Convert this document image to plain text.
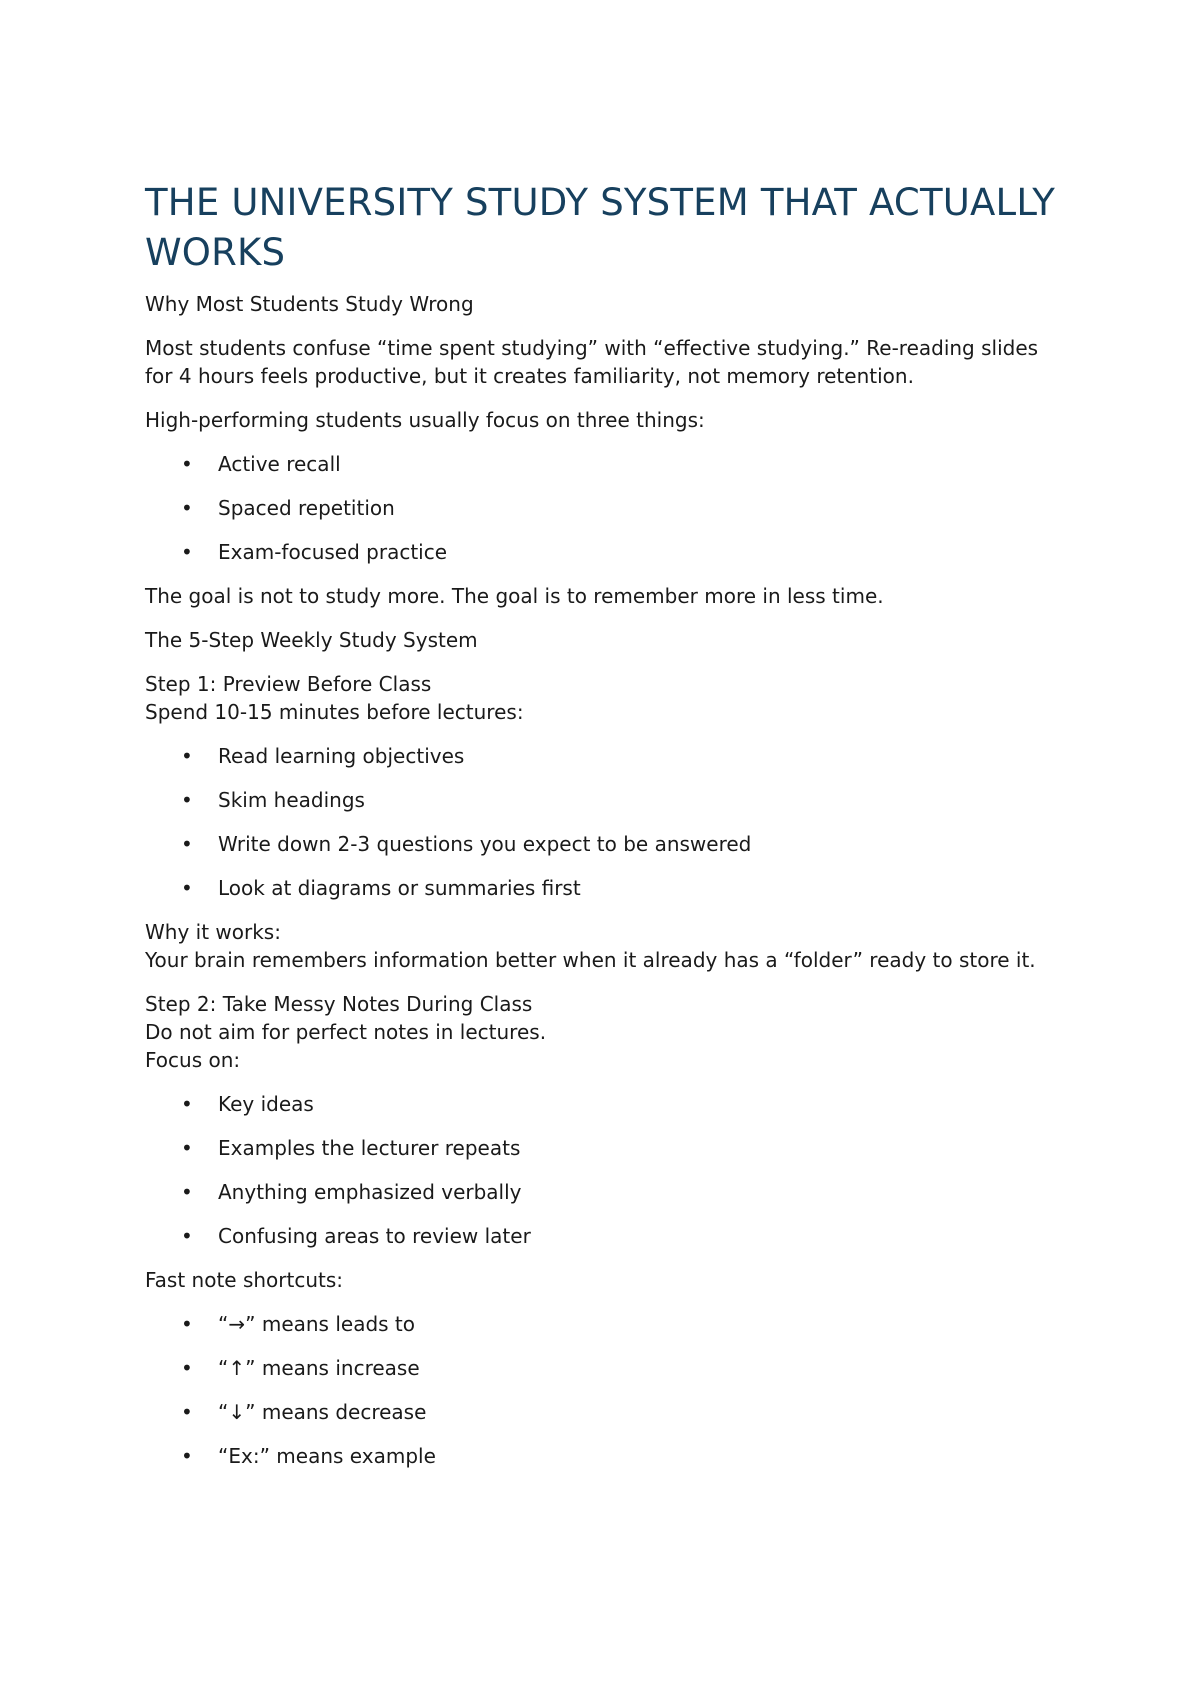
THE UNIVERSITY STUDY SYSTEM THAT ACTUALLY WORKS

Why Most Students Study Wrong

Most students confuse “time spent studying” with “effective studying.” Re-reading slides for 4 hours feels productive, but it creates familiarity, not memory retention.

High-performing students usually focus on three things:

• Active recall
• Spaced repetition
• Exam-focused practice

The goal is not to study more. The goal is to remember more in less time.

The 5-Step Weekly Study System

Step 1: Preview Before Class

Spend 10-15 minutes before lectures:

• Read learning objectives
• Skim headings
• Write down 2-3 questions you expect to be answered
• Look at diagrams or summaries first

Why it works:

Your brain remembers information better when it already has a “folder” ready to store it.

Step 2: Take Messy Notes During Class

Do not aim for perfect notes in lectures.

Focus on:

• Key ideas
• Examples the lecturer repeats
• Anything emphasized verbally
• Confusing areas to review later

Fast note shortcuts:

• “→” means leads to
• “↑” means increase
• “↓” means decrease
• “Ex:” means example
